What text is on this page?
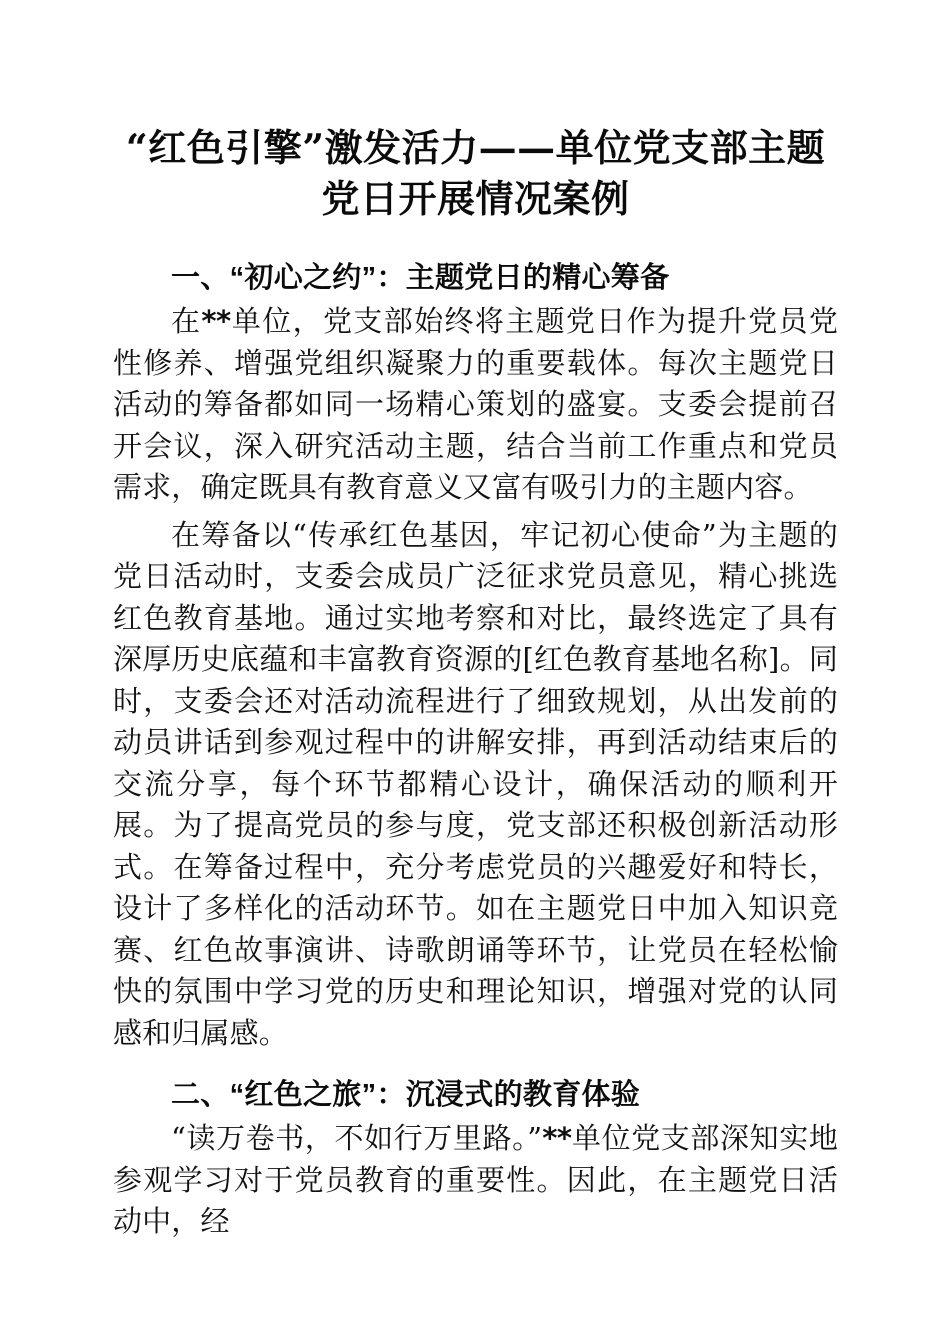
“红色引擎”激发活力——单位党支部主题党日开展情况案例
一、“初心之约”：主题党日的精心筹备

在**单位，党支部始终将主题党日作为提升党员党性修养、增强党组织凝聚力的重要载体。每次主题党日活动的筹备都如同一场精心策划的盛宴。支委会提前召开会议，深入研究活动主题，结合当前工作重点和党员需求，确定既具有教育意义又富有吸引力的主题内容。

在筹备以“传承红色基因，牢记初心使命”为主题的党日活动时，支委会成员广泛征求党员意见，精心挑选红色教育基地。通过实地考察和对比，最终选定了具有深厚历史底蕴和丰富教育资源的[红色教育基地名称]。同时，支委会还对活动流程进行了细致规划，从出发前的动员讲话到参观过程中的讲解安排，再到活动结束后的交流分享，每个环节都精心设计，确保活动的顺利开展。为了提高党员的参与度，党支部还积极创新活动形式。在筹备过程中，充分考虑党员的兴趣爱好和特长，设计了多样化的活动环节。如在主题党日中加入知识竞赛、红色故事演讲、诗歌朗诵等环节，让党员在轻松愉快的氛围中学习党的历史和理论知识，增强对党的认同感和归属感。

二、“红色之旅”：沉浸式的教育体验

“读万卷书，不如行万里路。”**单位党支部深知实地参观学习对于党员教育的重要性。因此，在主题党日活动中，经
